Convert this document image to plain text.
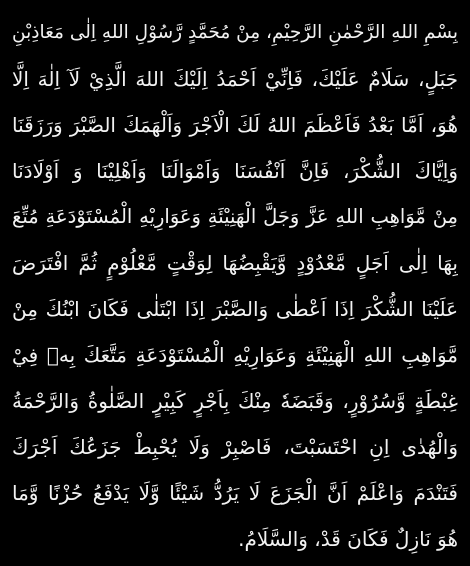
بِسْمِ اللهِ الرَّحْمٰنِ الرَّحِيْمِ، مِنْ مُحَمَّدٍ رَّسُوْلِ اللهِ اِلٰى مَعَاذِبْنِ
جَبَلٍ، سَلَامٌ عَلَيْكَ، فَاِنِّيْ اَحْمَدُ اِلَيْكَ اللهَ الَّذِيْ لَآ اِلٰهَ اِلَّا
هُوَ، اَمَّا بَعْدُ فَاَعْظَمَ اللهُ لَكَ الْاَجْرَ وَاَلْهَمَكَ الصَّبْرَ وَرَزَقَنَا
وَاِيَّاكَ الشُّكْرَ، فَاِنَّ اَنْفُسَنَا وَاَمْوَالَنَا وَاَهْلِيْنَا وَ اَوْلَادَنَا
مِنْ مَّوَاهِبِ اللهِ عَزَّ وَجَلَّ الْهَنِيْئَةِ وَعَوَارِيْهِ الْمُسْتَوْدَعَةِ مُتِّعَ
بِهَا اِلٰى اَجَلٍ مَّعْدُوْدٍ وَّيَقْبِضُهَا لِوَقْتٍ مَّعْلُوْمٍ ثُمَّ افْتَرَضَ
عَلَيْنَا الشُّكْرَ اِذَا اَعْطٰى وَالصَّبْرَ اِذَا ابْتَلٰى فَكَانَ ابْنُكَ مِنْ
مَّوَاهِبِ اللهِ الْهَنِيْئَةِ وَعَوَارِيْهِ الْمُسْتَوْدَعَةِ مَتَّعَكَ بِهٖ فِيْ
غِبْطَةٍ وَّسُرُوْرٍ، وَقَبَضَهٗ مِنْكَ بِاَجْرٍ كَبِيْرٍ الصَّلٰوةُ وَالرَّحْمَةُ
وَالْهُدٰى اِنِ احْتَسَبْتَ، فَاصْبِرْ وَلَا يُحْبِطْ جَزَعُكَ اَجْرَكَ
فَتَنْدَمَ وَاعْلَمْ اَنَّ الْجَزَعَ لَا يَرُدُّ شَيْئًا وَّلَا يَدْفَعُ حُزْنًا وَّمَا
هُوَ نَازِلٌ فَكَانَ قَدْ، وَالسَّلَامُ.
